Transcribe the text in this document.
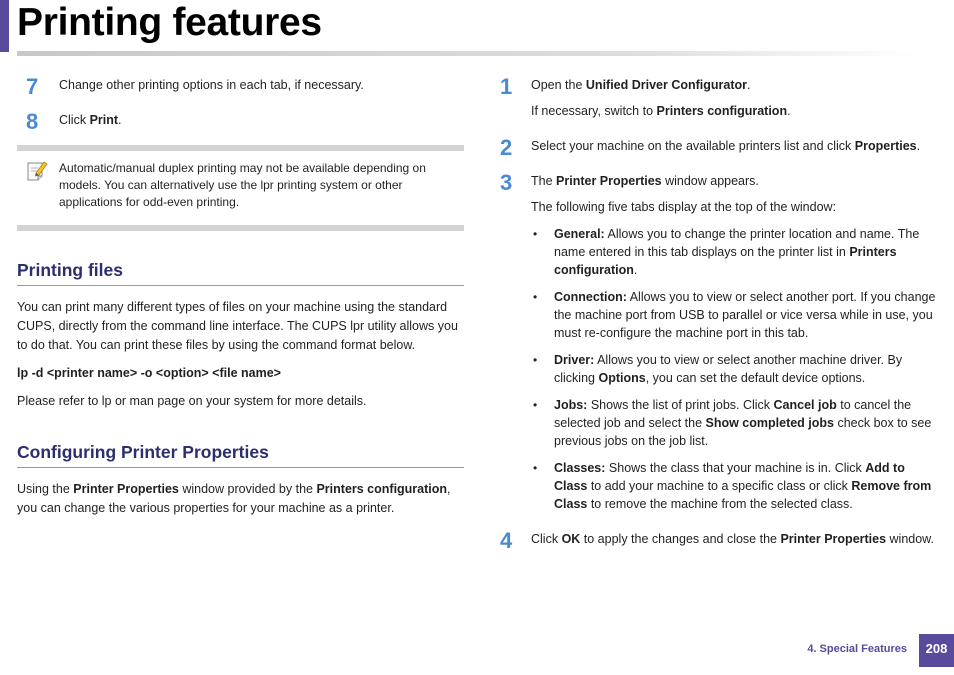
Printing features
7 Change other printing options in each tab, if necessary.

8 Click Print.

Automatic/manual duplex printing may not be available depending on models. You can alternatively use the lpr printing system or other applications for odd-even printing.
Printing files

You can print many different types of files on your machine using the standard CUPS, directly from the command line interface. The CUPS lpr utility allows you to do that. You can print these files by using the command format below.

lp -d <printer name> -o <option> <file name>

Please refer to lp or man page on your system for more details.

Configuring Printer Properties

Using the Printer Properties window provided by the Printers configuration, you can change the various properties for your machine as a printer.

1 Open the Unified Driver Configurator.

If necessary, switch to Printers configuration.

2 Select your machine on the available printers list and click Properties.

3 The Printer Properties window appears.

The following five tabs display at the top of the window:

• General: Allows you to change the printer location and name. The name entered in this tab displays on the printer list in Printers configuration.
• Connection: Allows you to view or select another port. If you change the machine port from USB to parallel or vice versa while in use, you must re-configure the machine port in this tab.
• Driver: Allows you to view or select another machine driver. By clicking Options, you can set the default device options.
• Jobs: Shows the list of print jobs. Click Cancel job to cancel the selected job and select the Show completed jobs check box to see previous jobs on the job list.
• Classes: Shows the class that your machine is in. Click Add to Class to add your machine to a specific class or click Remove from Class to remove the machine from the selected class.
4 Click OK to apply the changes and close the Printer Properties window.

4. Special Features	208
